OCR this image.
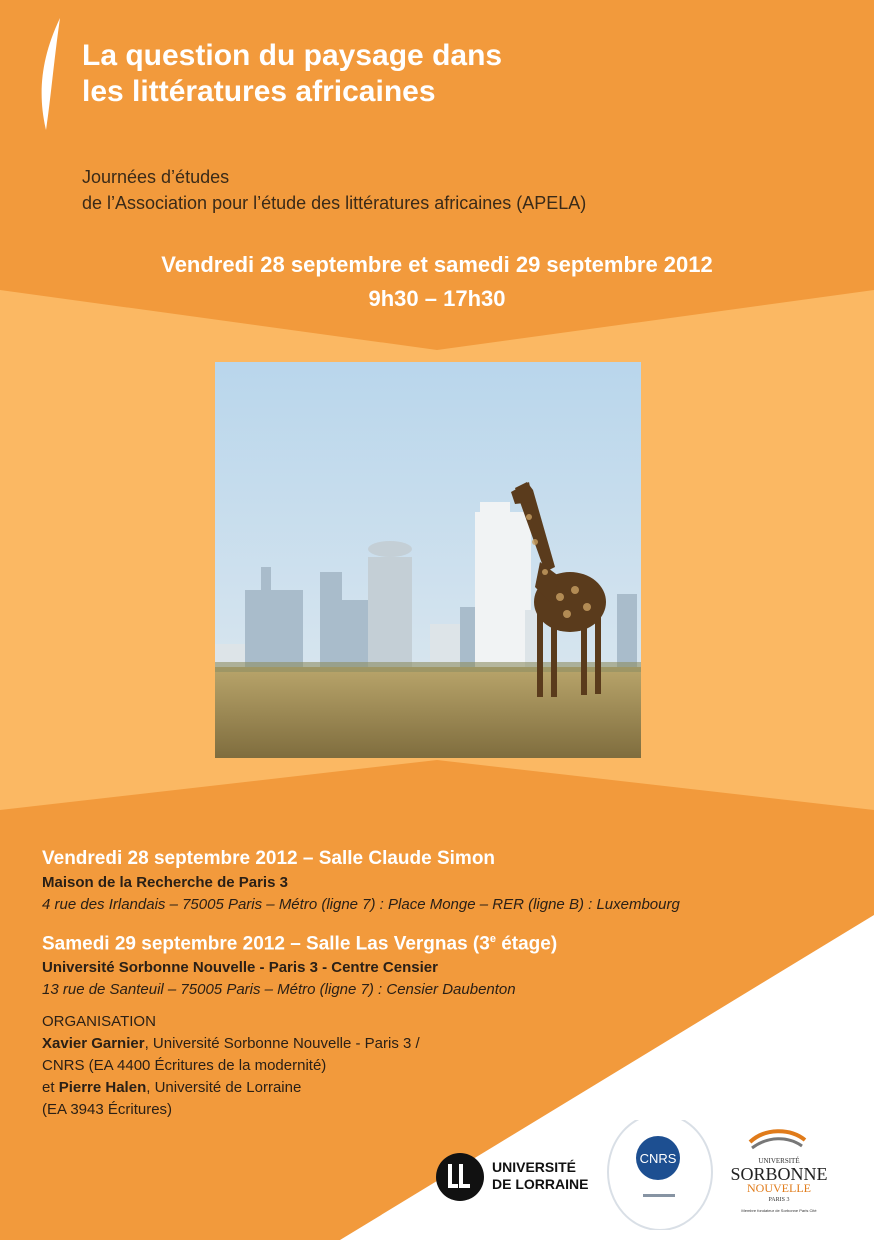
La question du paysage dans
les littératures africaines
Journées d’études
de l’Association pour l’étude des littératures africaines (APELA)
Vendredi 28 septembre et samedi 29 septembre 2012
9h30 – 17h30
Vendredi 28 septembre 2012 – Salle Claude Simon
Maison de la Recherche de Paris 3
4 rue des Irlandais – 75005 Paris – Métro (ligne 7) : Place Monge – RER (ligne B) : Luxembourg
Samedi 29 septembre 2012 – Salle Las Vergnas (3e étage)
Université Sorbonne Nouvelle - Paris 3 - Centre Censier
13 rue de Santeuil – 75005 Paris – Métro (ligne 7) : Censier Daubenton
ORGANISATION
Xavier Garnier, Université Sorbonne Nouvelle - Paris 3 /
CNRS (EA 4400 Écritures de la modernité)
et Pierre Halen, Université de Lorraine
(EA 3943 Écritures)
UNIVERSITÉ
DE LORRAINE
CNRS	UNIVERSITÉ
SORBONNE
NOUVELLE
PARIS 3
Membre fondateur de Sorbonne Paris Cité
